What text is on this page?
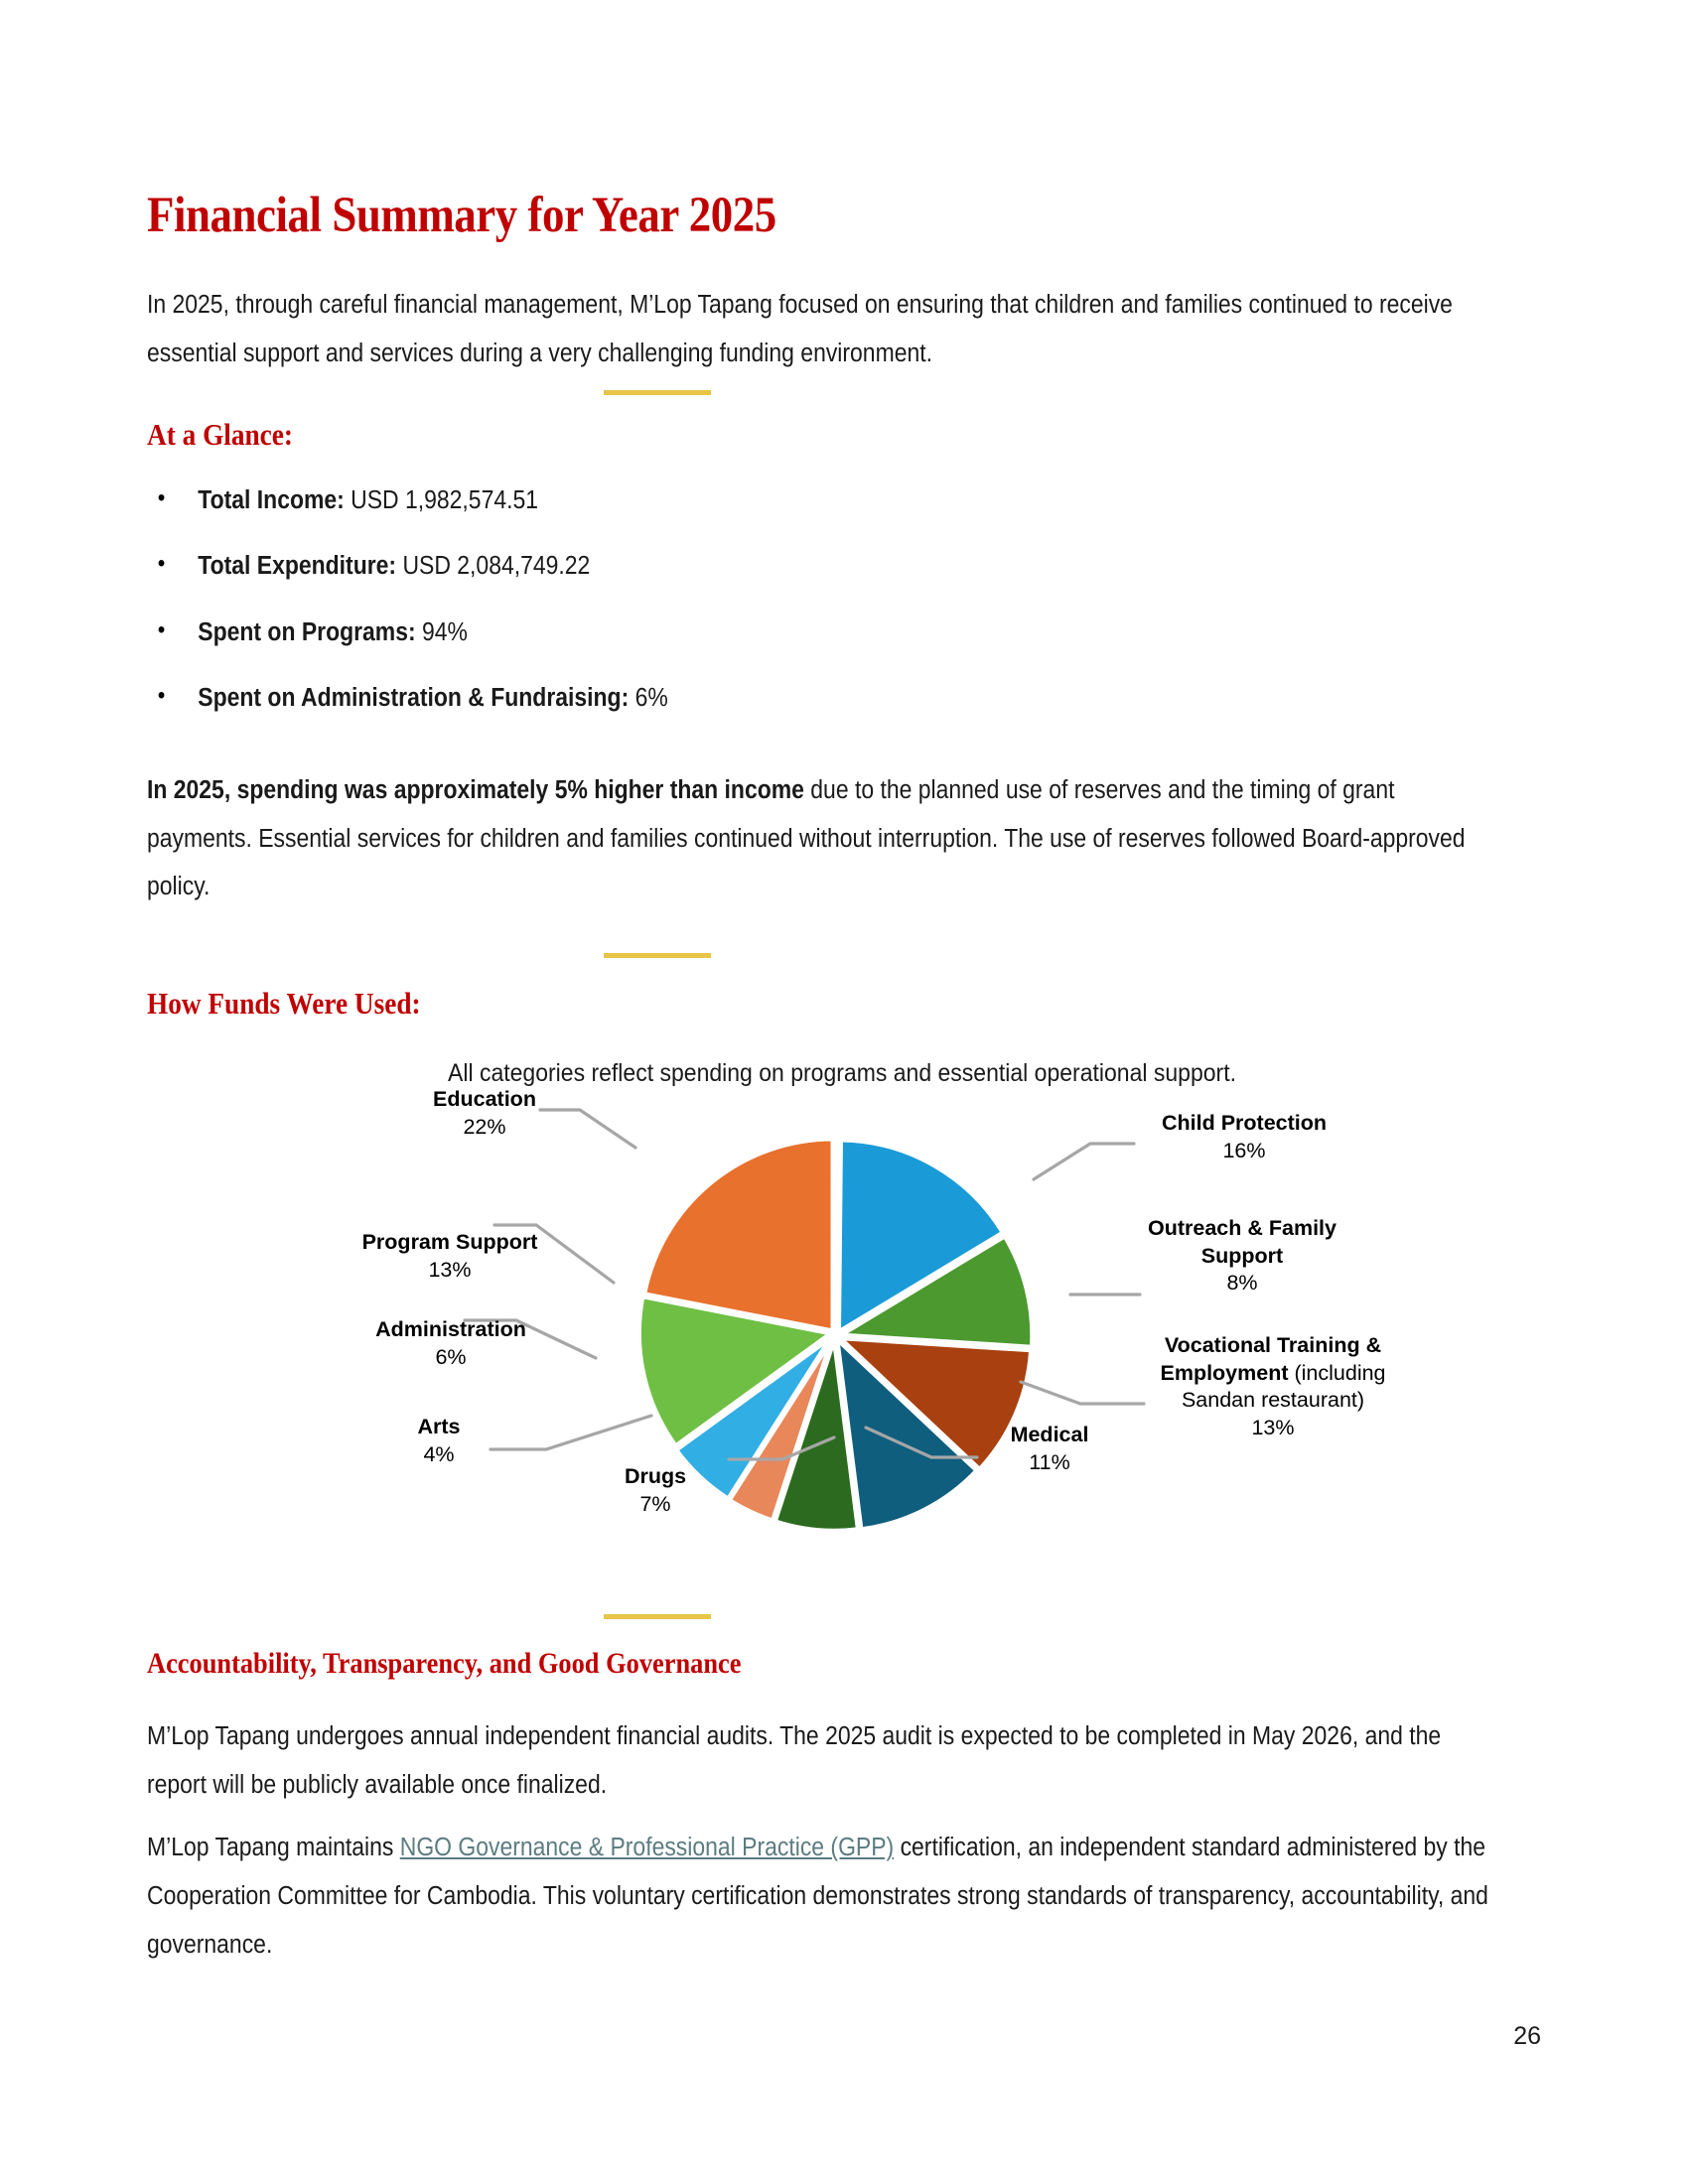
Financial Summary for Year 2025
In 2025, through careful financial management, M’Lop Tapang focused on ensuring that children and families continued to receive essential support and services during a very challenging funding environment.
At a Glance:
• Total Income: USD 1,982,574.51
• Total Expenditure: USD 2,084,749.22
• Spent on Programs: 94%
• Spent on Administration & Fundraising: 6%
In 2025, spending was approximately 5% higher than income due to the planned use of reserves and the timing of grant payments. Essential services for children and families continued without interruption. The use of reserves followed Board-approved policy.
How Funds Were Used:
All categories reflect spending on programs and essential operational support.
Education
22%
Program Support
13%
Administration
6%
Arts
4%
Drugs
7%
Medical
11%
Vocational Training & Employment (including Sandan restaurant)
13%
Outreach & Family Support
8%
Child Protection
16%
Accountability, Transparency, and Good Governance
M’Lop Tapang undergoes annual independent financial audits. The 2025 audit is expected to be completed in May 2026, and the report will be publicly available once finalized.
M’Lop Tapang maintains NGO Governance & Professional Practice (GPP) certification, an independent standard administered by the Cooperation Committee for Cambodia. This voluntary certification demonstrates strong standards of transparency, accountability, and governance.
26
